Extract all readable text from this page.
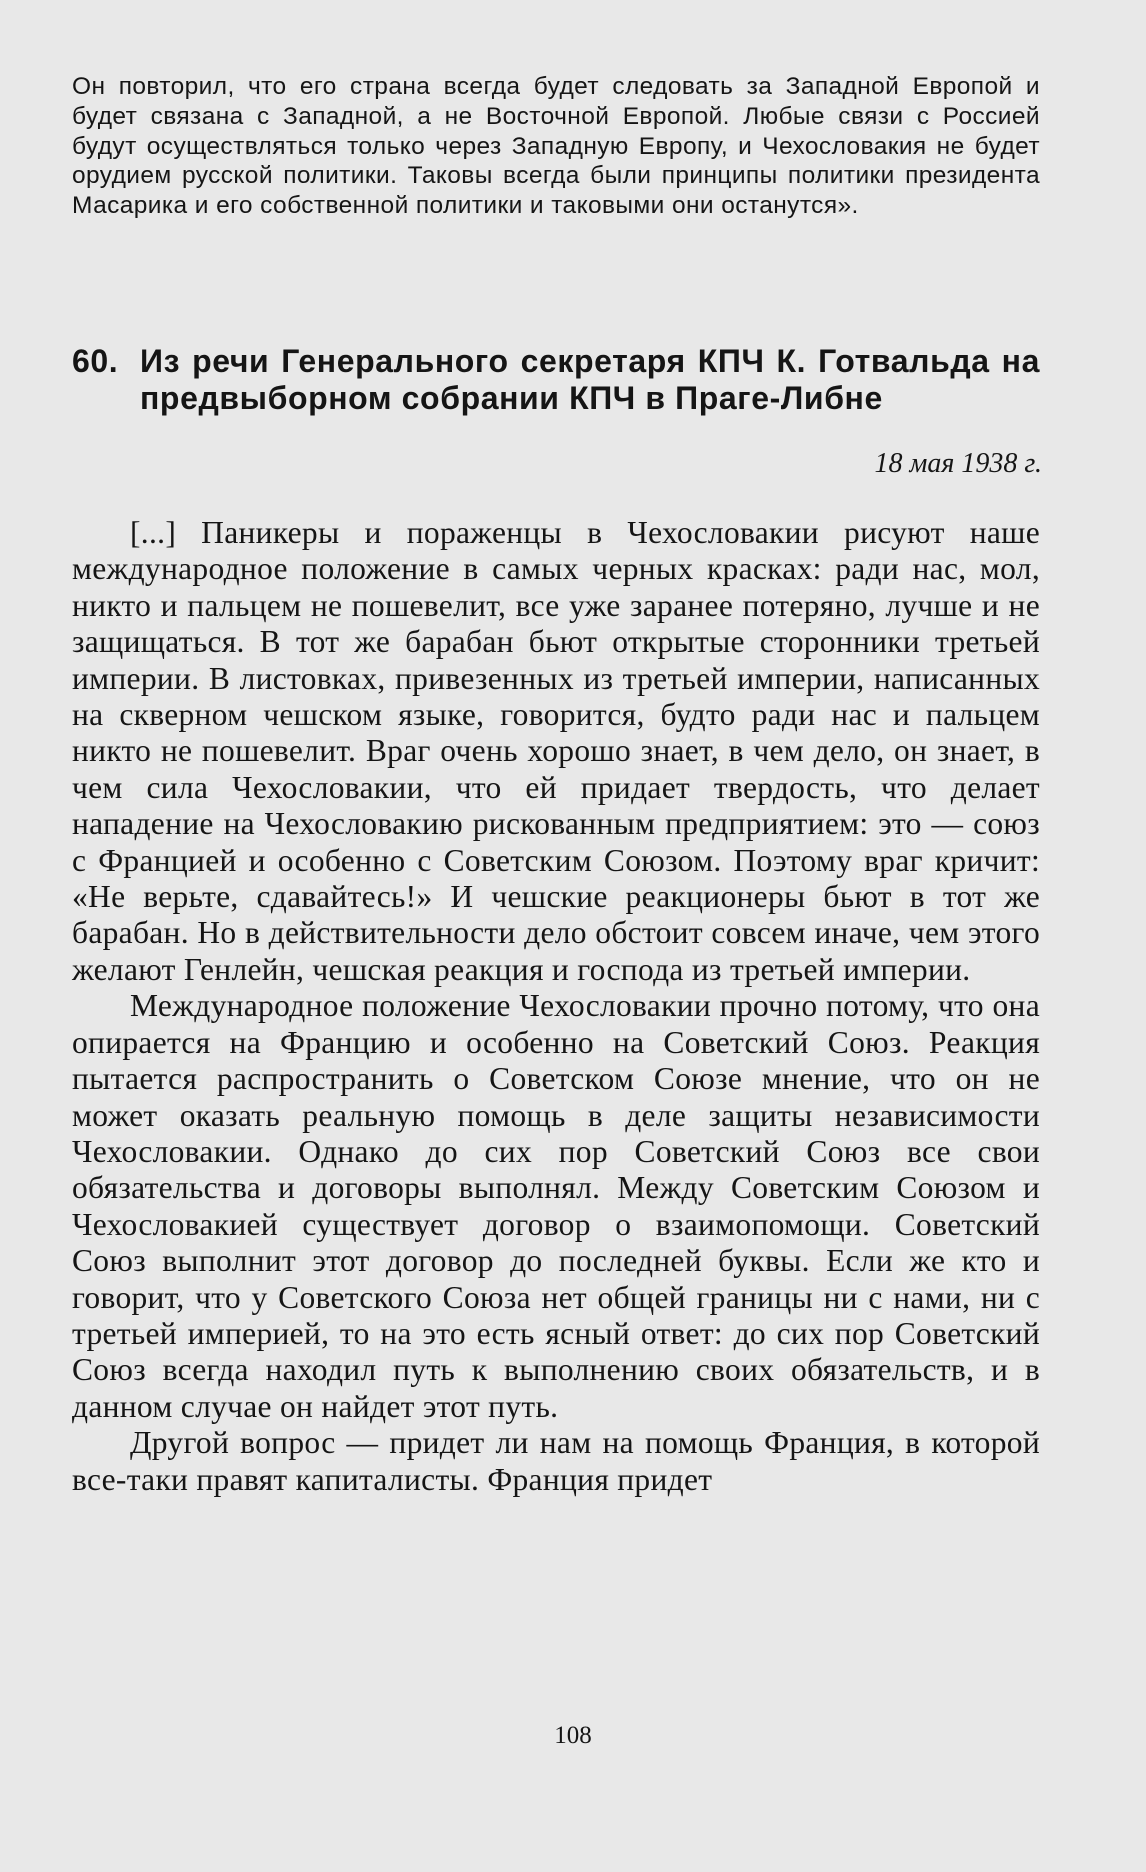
Он повторил, что его страна всегда будет следовать за Западной Европой и будет связана с Западной, а не Восточной Европой. Любые связи с Россией будут осуществляться только через Западную Европу, и Чехословакия не будет орудием русской политики. Таковы всегда были принципы политики президента Масарика и его собственной политики и таковыми они останутся».
60. Из речи Генерального секретаря КПЧ К. Готвальда на предвыборном собрании КПЧ в Праге-Либне
18 мая 1938 г.

[...] Паникеры и пораженцы в Чехословакии рисуют наше международное положение в самых черных красках: ради нас, мол, никто и пальцем не пошевелит, все уже заранее потеряно, лучше и не защищаться. В тот же барабан бьют открытые сторонники третьей империи. В листовках, привезенных из третьей империи, написанных на скверном чешском языке, говорится, будто ради нас и пальцем никто не пошевелит. Враг очень хорошо знает, в чем дело, он знает, в чем сила Чехословакии, что ей придает твердость, что делает нападение на Чехословакию рискованным предприятием: это — союз с Францией и особенно с Советским Союзом. Поэтому враг кричит: «Не верьте, сдавайтесь!» И чешские реакционеры бьют в тот же барабан. Но в действительности дело обстоит совсем иначе, чем этого желают Генлейн, чешская реакция и господа из третьей империи.

Международное положение Чехословакии прочно потому, что она опирается на Францию и особенно на Советский Союз. Реакция пытается распространить о Советском Союзе мнение, что он не может оказать реальную помощь в деле защиты независимости Чехословакии. Однако до сих пор Советский Союз все свои обязательства и договоры выполнял. Между Советским Союзом и Чехословакией существует договор о взаимопомощи. Советский Союз выполнит этот договор до последней буквы. Если же кто и говорит, что у Советского Союза нет общей границы ни с нами, ни с третьей империей, то на это есть ясный ответ: до сих пор Советский Союз всегда находил путь к выполнению своих обязательств, и в данном случае он найдет этот путь.

Другой вопрос — придет ли нам на помощь Франция, в которой все-таки правят капиталисты. Франция придет

108
